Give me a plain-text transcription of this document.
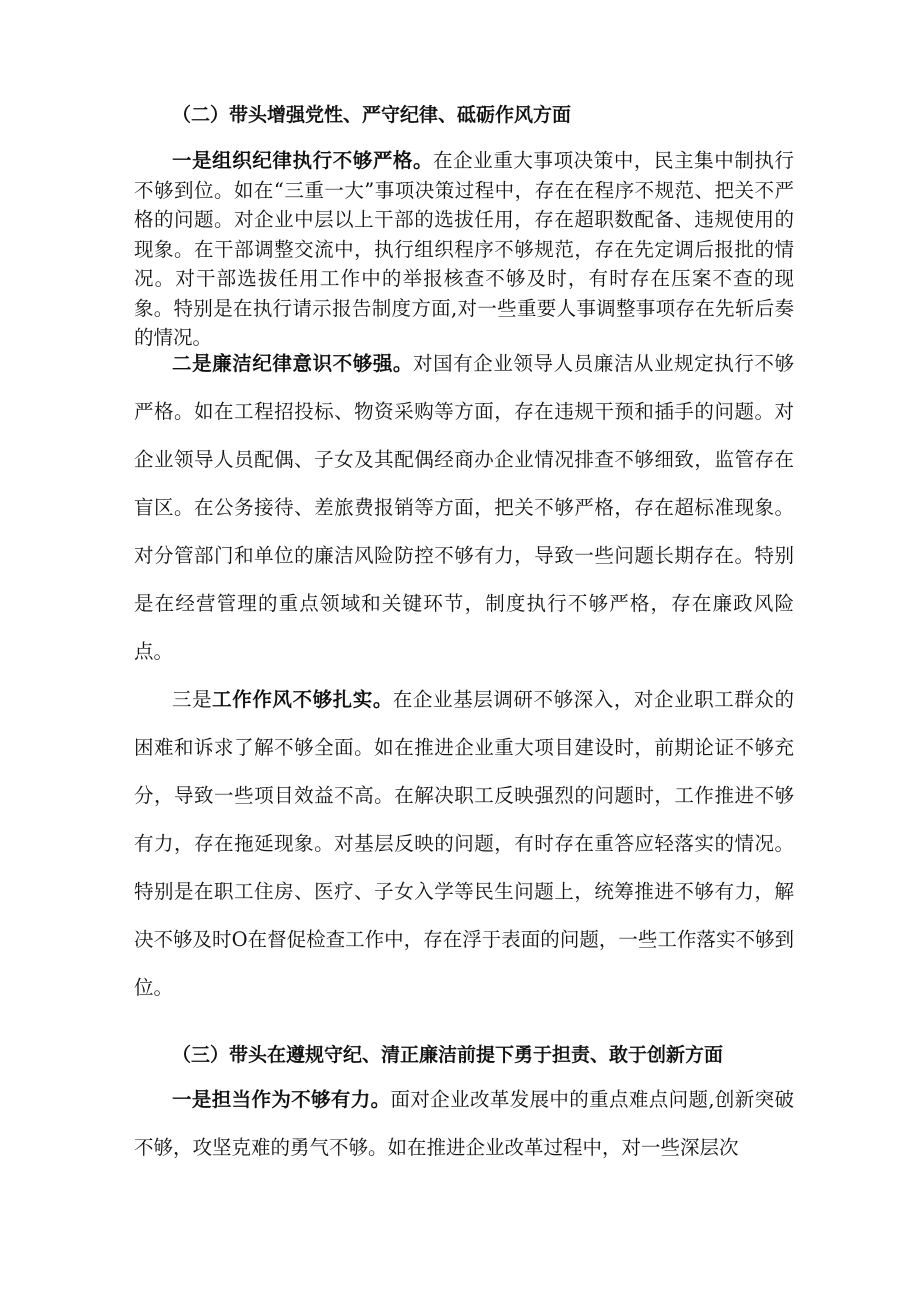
（二）带头增强党性、严守纪律、砥砺作风方面

一是组织纪律执行不够严格。在企业重大事项决策中，民主集中制执行不够到位。如在“三重一大”事项决策过程中，存在在程序不规范、把关不严格的问题。对企业中层以上干部的选拔任用，存在超职数配备、违规使用的现象。在干部调整交流中，执行组织程序不够规范，存在先定调后报批的情况。对干部选拔任用工作中的举报核查不够及时，有时存在压案不查的现象。特别是在执行请示报告制度方面,对一些重要人事调整事项存在先斩后奏的情况。

二是廉洁纪律意识不够强。对国有企业领导人员廉洁从业规定执行不够严格。如在工程招投标、物资采购等方面，存在违规干预和插手的问题。对企业领导人员配偶、子女及其配偶经商办企业情况排查不够细致，监管存在盲区。在公务接待、差旅费报销等方面，把关不够严格，存在超标准现象。对分管部门和单位的廉洁风险防控不够有力，导致一些问题长期存在。特别是在经营管理的重点领域和关键环节，制度执行不够严格，存在廉政风险点。

三是工作作风不够扎实。在企业基层调研不够深入，对企业职工群众的困难和诉求了解不够全面。如在推进企业重大项目建设时，前期论证不够充分，导致一些项目效益不高。在解决职工反映强烈的问题时，工作推进不够有力，存在拖延现象。对基层反映的问题，有时存在重答应轻落实的情况。特别是在职工住房、医疗、子女入学等民生问题上，统筹推进不够有力，解决不够及时O在督促检查工作中，存在浮于表面的问题，一些工作落实不够到位。

（三）带头在遵规守纪、清正廉洁前提下勇于担责、敢于创新方面

一是担当作为不够有力。面对企业改革发展中的重点难点问题,创新突破不够，攻坚克难的勇气不够。如在推进企业改革过程中，对一些深层次
